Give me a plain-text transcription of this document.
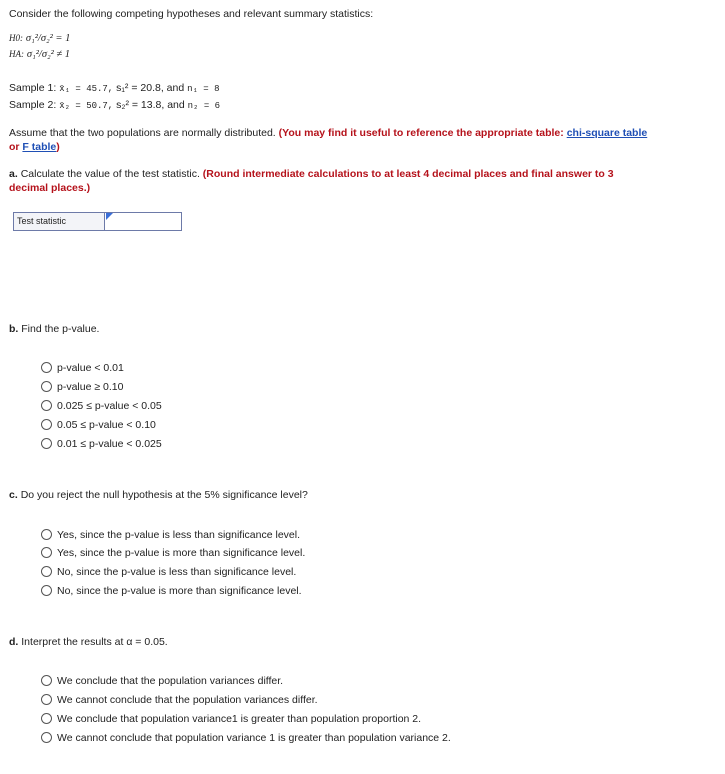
Consider the following competing hypotheses and relevant summary statistics:
H0: σ₁²/σ₂² = 1
HA: σ₁²/σ₂² ≠ 1
Sample 1: x̄₁ = 45.7, s₁² = 20.8, and n₁ = 8
Sample 2: x̄₂ = 50.7, s₂² = 13.8, and n₂ = 6
Assume that the two populations are normally distributed. (You may find it useful to reference the appropriate table: chi-square table
or F table)
a. Calculate the value of the test statistic. (Round intermediate calculations to at least 4 decimal places and final answer to 3
decimal places.)
Test statistic
b. Find the p-value.
p-value < 0.01
p-value ≥ 0.10
0.025 ≤ p-value < 0.05
0.05 ≤ p-value < 0.10
0.01 ≤ p-value < 0.025
c. Do you reject the null hypothesis at the 5% significance level?
Yes, since the p-value is less than significance level.
Yes, since the p-value is more than significance level.
No, since the p-value is less than significance level.
No, since the p-value is more than significance level.
d. Interpret the results at α = 0.05.
We conclude that the population variances differ.
We cannot conclude that the population variances differ.
We conclude that population variance1 is greater than population proportion 2.
We cannot conclude that population variance 1 is greater than population variance 2.
